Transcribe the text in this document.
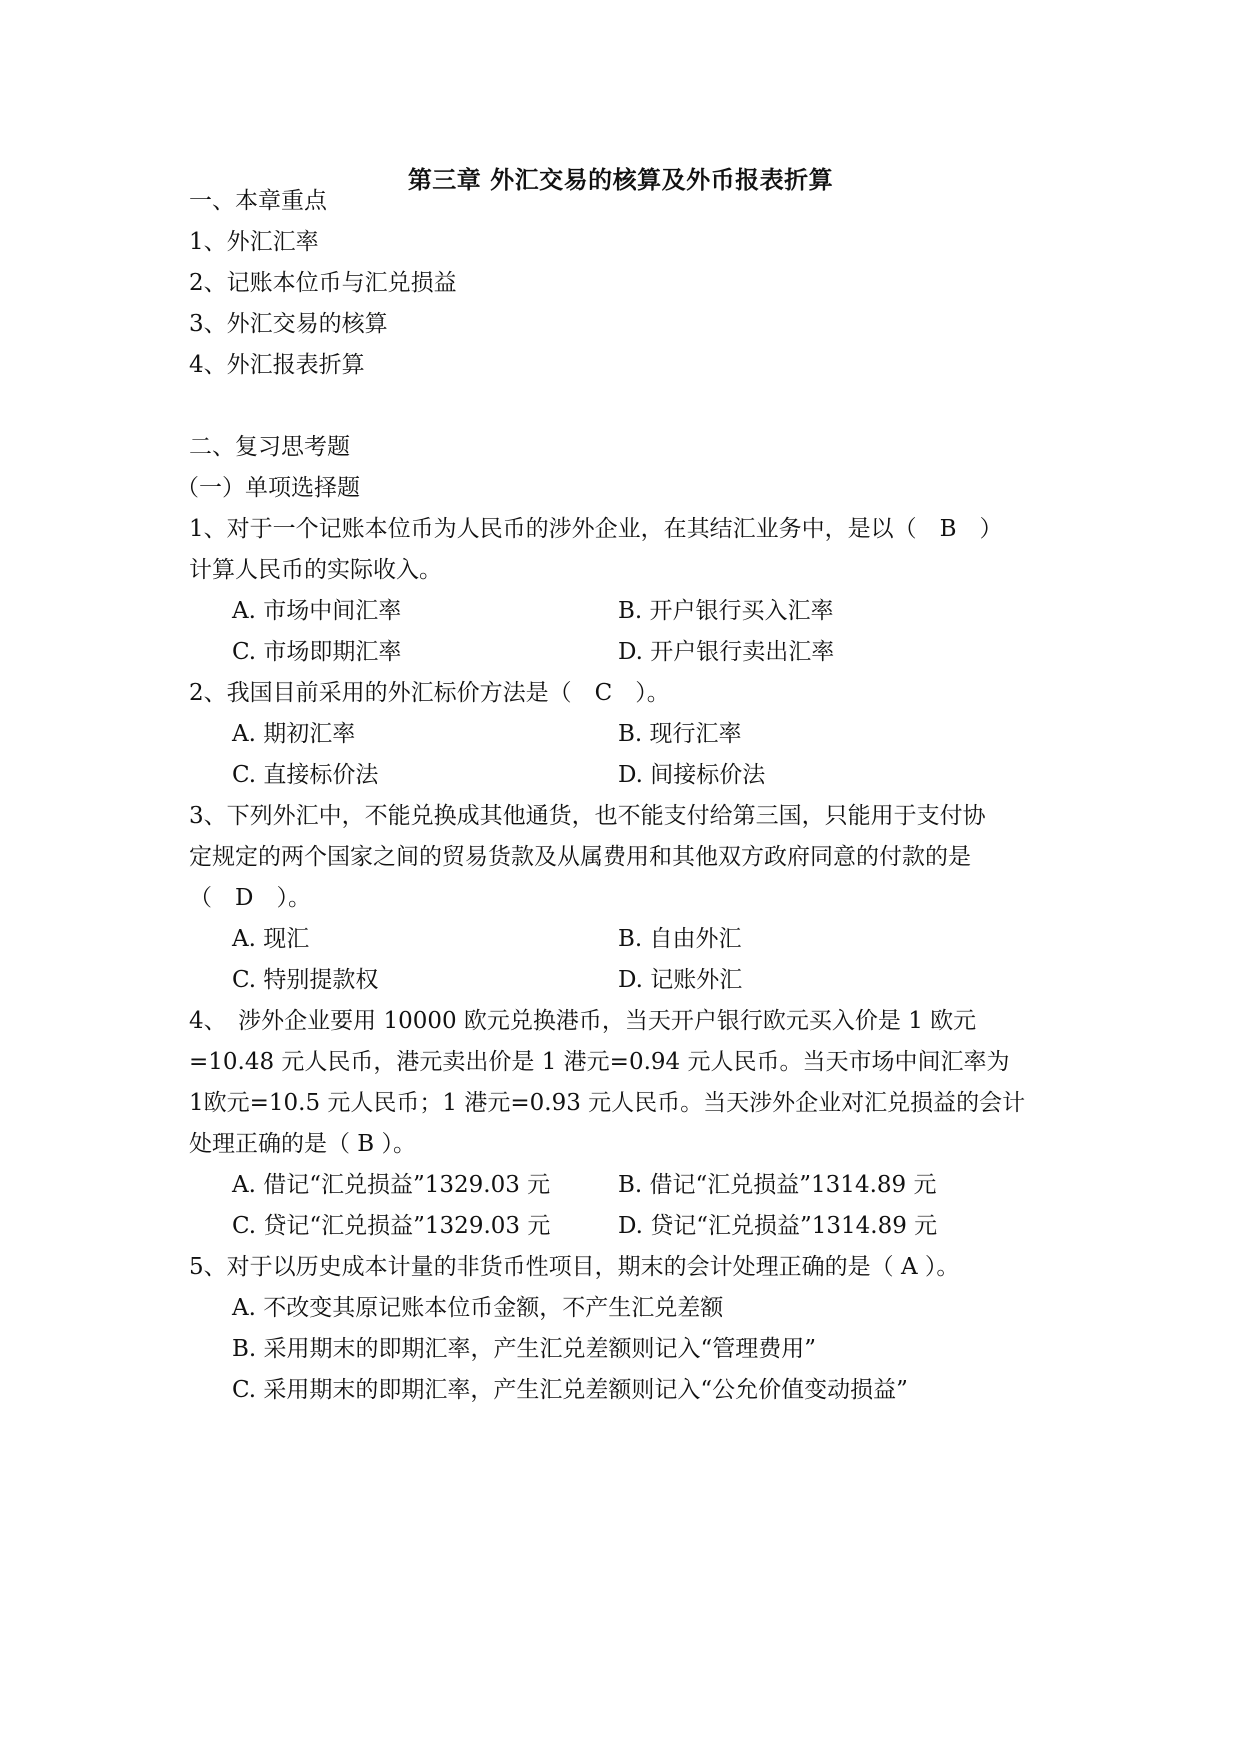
第三章 外汇交易的核算及外币报表折算
一、本章重点
1、外汇汇率
2、记账本位币与汇兑损益
3、外汇交易的核算
4、外汇报表折算
二、复习思考题
（一）单项选择题
1、对于一个记账本位币为人民币的涉外企业，在其结汇业务中，是以（　B　）
计算人民币的实际收入。
A. 市场中间汇率	B. 开户银行买入汇率
C. 市场即期汇率	D. 开户银行卖出汇率
2、我国目前采用的外汇标价方法是（　C　）。
A. 期初汇率	B. 现行汇率
C. 直接标价法	D. 间接标价法
3、下列外汇中，不能兑换成其他通货，也不能支付给第三国，只能用于支付协
定规定的两个国家之间的贸易货款及从属费用和其他双方政府同意的付款的是
（　D　）。
A. 现汇	B. 自由外汇
C. 特别提款权	D. 记账外汇
4、　涉外企业要用 10000 欧元兑换港币，当天开户银行欧元买入价是 1 欧元
=10.48 元人民币，港元卖出价是 1 港元=0.94 元人民币。当天市场中间汇率为
1欧元=10.5 元人民币；1 港元=0.93 元人民币。当天涉外企业对汇兑损益的会计
处理正确的是（ B ）。
A. 借记“汇兑损益”1329.03 元	B. 借记“汇兑损益”1314.89 元
C. 贷记“汇兑损益”1329.03 元	D. 贷记“汇兑损益”1314.89 元
5、对于以历史成本计量的非货币性项目，期末的会计处理正确的是（ A ）。
A. 不改变其原记账本位币金额，不产生汇兑差额
B. 采用期末的即期汇率，产生汇兑差额则记入“管理费用”
C. 采用期末的即期汇率，产生汇兑差额则记入“公允价值变动损益”
